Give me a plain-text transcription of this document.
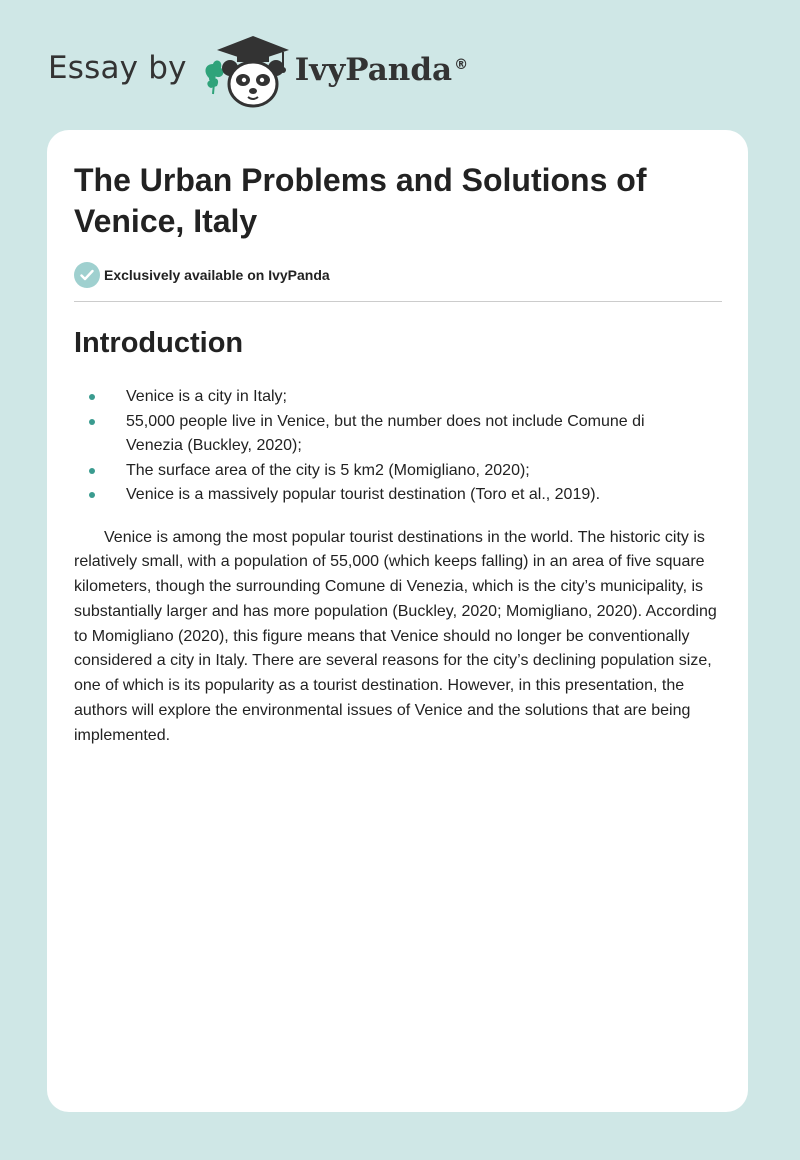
Essay by	IvyPanda ®
The Urban Problems and Solutions of Venice, Italy
Exclusively available on IvyPanda
Introduction
Venice is a city in Italy;
55,000 people live in Venice, but the number does not include Comune di Venezia (Buckley, 2020);
The surface area of the city is 5 km2 (Momigliano, 2020);
Venice is a massively popular tourist destination (Toro et al., 2019).

Venice is among the most popular tourist destinations in the world. The historic city is relatively small, with a population of 55,000 (which keeps falling) in an area of five square kilometers, though the surrounding Comune di Venezia, which is the city’s municipality, is substantially larger and has more population (Buckley, 2020; Momigliano, 2020). According to Momigliano (2020), this figure means that Venice should no longer be conventionally considered a city in Italy. There are several reasons for the city’s declining population size, one of which is its popularity as a tourist destination. However, in this presentation, the authors will explore the environmental issues of Venice and the solutions that are being implemented.
